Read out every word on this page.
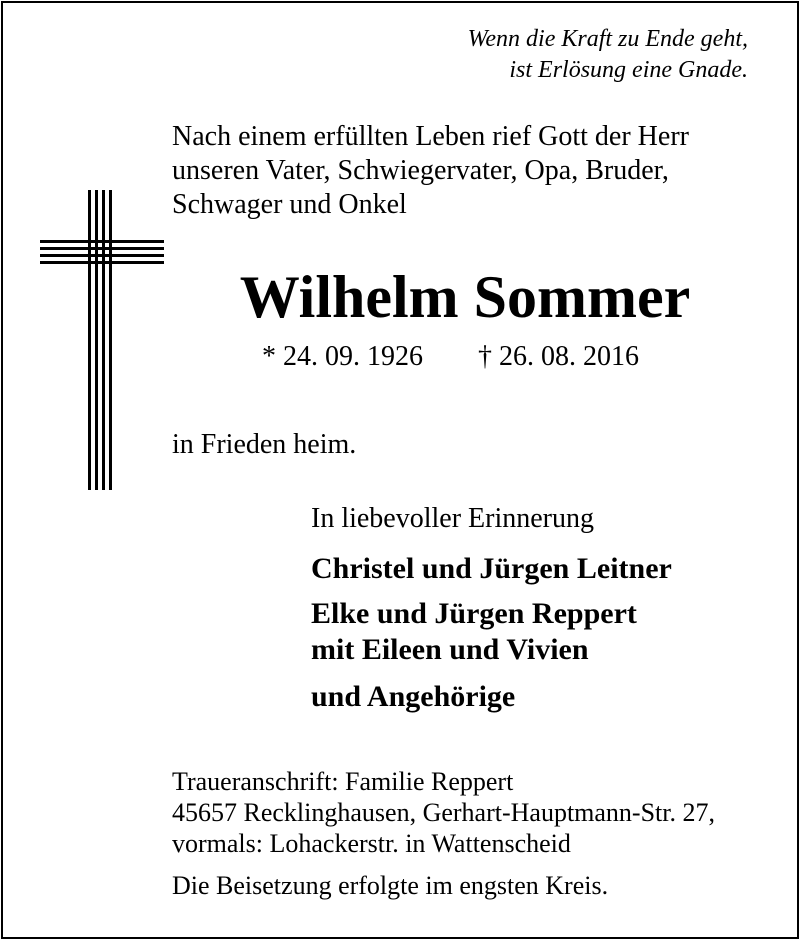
Wenn die Kraft zu Ende geht,
ist Erlösung eine Gnade.
Nach einem erfüllten Leben rief Gott der Herr
unseren Vater, Schwiegervater, Opa, Bruder,
Schwager und Onkel
Wilhelm Sommer
* 24. 09. 1926 † 26. 08. 2016
in Frieden heim.
In liebevoller Erinnerung
Christel und Jürgen Leitner
Elke und Jürgen Reppert
mit Eileen und Vivien
und Angehörige
Traueranschrift: Familie Reppert
45657 Recklinghausen, Gerhart-Hauptmann-Str. 27,
vormals: Lohackerstr. in Wattenscheid
Die Beisetzung erfolgte im engsten Kreis.
